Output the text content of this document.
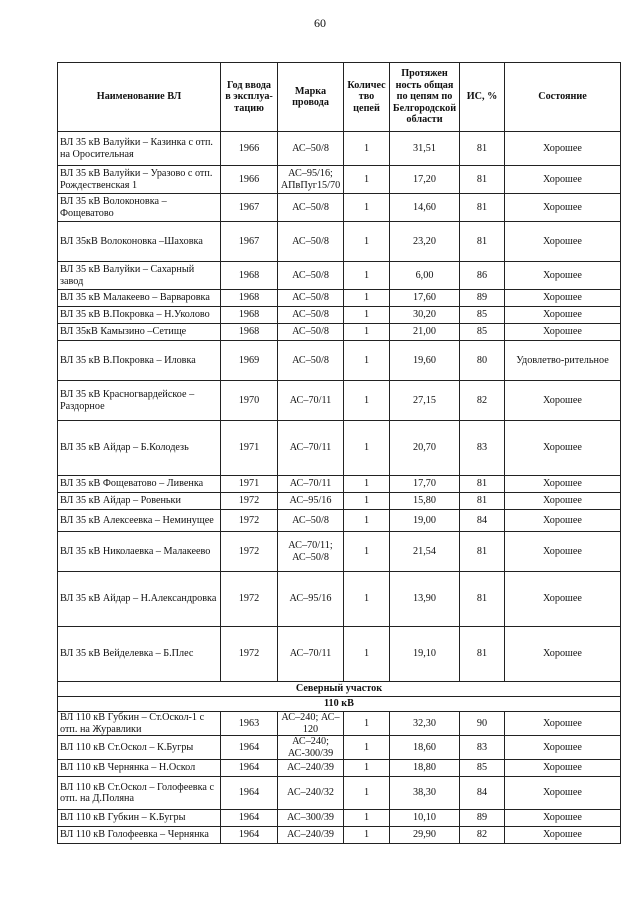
60
Наименование ВЛ	Год ввода в эксплуа-тацию	Марка провода	Количес тво цепей	Протяжен ность общая по цепям по Белгородской области	ИС, %	Состояние
ВЛ 35 кВ Валуйки – Казинка с отп. на Оросительная	1966	АС–50/8	1	31,51	81	Хорошее
ВЛ 35 кВ Валуйки – Уразово с отп. Рождественская 1	1966	АС–95/16; АПвПуг15/70	1	17,20	81	Хорошее
ВЛ 35 кВ Волоконовка – Фощеватово	1967	АС–50/8	1	14,60	81	Хорошее
ВЛ 35кВ Волоконовка –Шаховка	1967	АС–50/8	1	23,20	81	Хорошее
ВЛ 35 кВ Валуйки – Сахарный завод	1968	АС–50/8	1	6,00	86	Хорошее
ВЛ 35 кВ Малакеево – Варваровка	1968	АС–50/8	1	17,60	89	Хорошее
ВЛ 35 кВ В.Покровка – Н.Уколово	1968	АС–50/8	1	30,20	85	Хорошее
ВЛ 35кВ Камызино –Сетище	1968	АС–50/8	1	21,00	85	Хорошее
ВЛ 35 кВ В.Покровка – Иловка	1969	АС–50/8	1	19,60	80	Удовлетво-рительное
ВЛ 35 кВ Красногвардейское – Раздорное	1970	АС–70/11	1	27,15	82	Хорошее
ВЛ 35 кВ Айдар – Б.Колодезь	1971	АС–70/11	1	20,70	83	Хорошее
ВЛ 35 кВ Фощеватово – Ливенка	1971	АС–70/11	1	17,70	81	Хорошее
ВЛ 35 кВ Айдар – Ровеньки	1972	АС–95/16	1	15,80	81	Хорошее
ВЛ 35 кВ Алексеевка – Неминущее	1972	АС–50/8	1	19,00	84	Хорошее
ВЛ 35 кВ Николаевка – Малакеево	1972	АС–70/11; АС–50/8	1	21,54	81	Хорошее
ВЛ 35 кВ Айдар – Н.Александровка	1972	АС–95/16	1	13,90	81	Хорошее
ВЛ 35 кВ Вейделевка – Б.Плес	1972	АС–70/11	1	19,10	81	Хорошее
Северный участок						
110 кВ						
ВЛ 110 кВ Губкин – Ст.Оскол-1 с отп. на Журавлики	1963	АС–240; АС–120	1	32,30	90	Хорошее
ВЛ 110 кВ Ст.Оскол – К.Бугры	1964	АС–240; АС-300/39	1	18,60	83	Хорошее
ВЛ 110 кВ Чернянка – Н.Оскол	1964	АС–240/39	1	18,80	85	Хорошее
ВЛ 110 кВ Ст.Оскол – Голофеевка с отп. на Д.Поляна	1964	АС–240/32	1	38,30	84	Хорошее
ВЛ 110 кВ Губкин – К.Бугры	1964	АС–300/39	1	10,10	89	Хорошее
ВЛ 110 кВ Голофеевка – Чернянка	1964	АС–240/39	1	29,90	82	Хорошее
